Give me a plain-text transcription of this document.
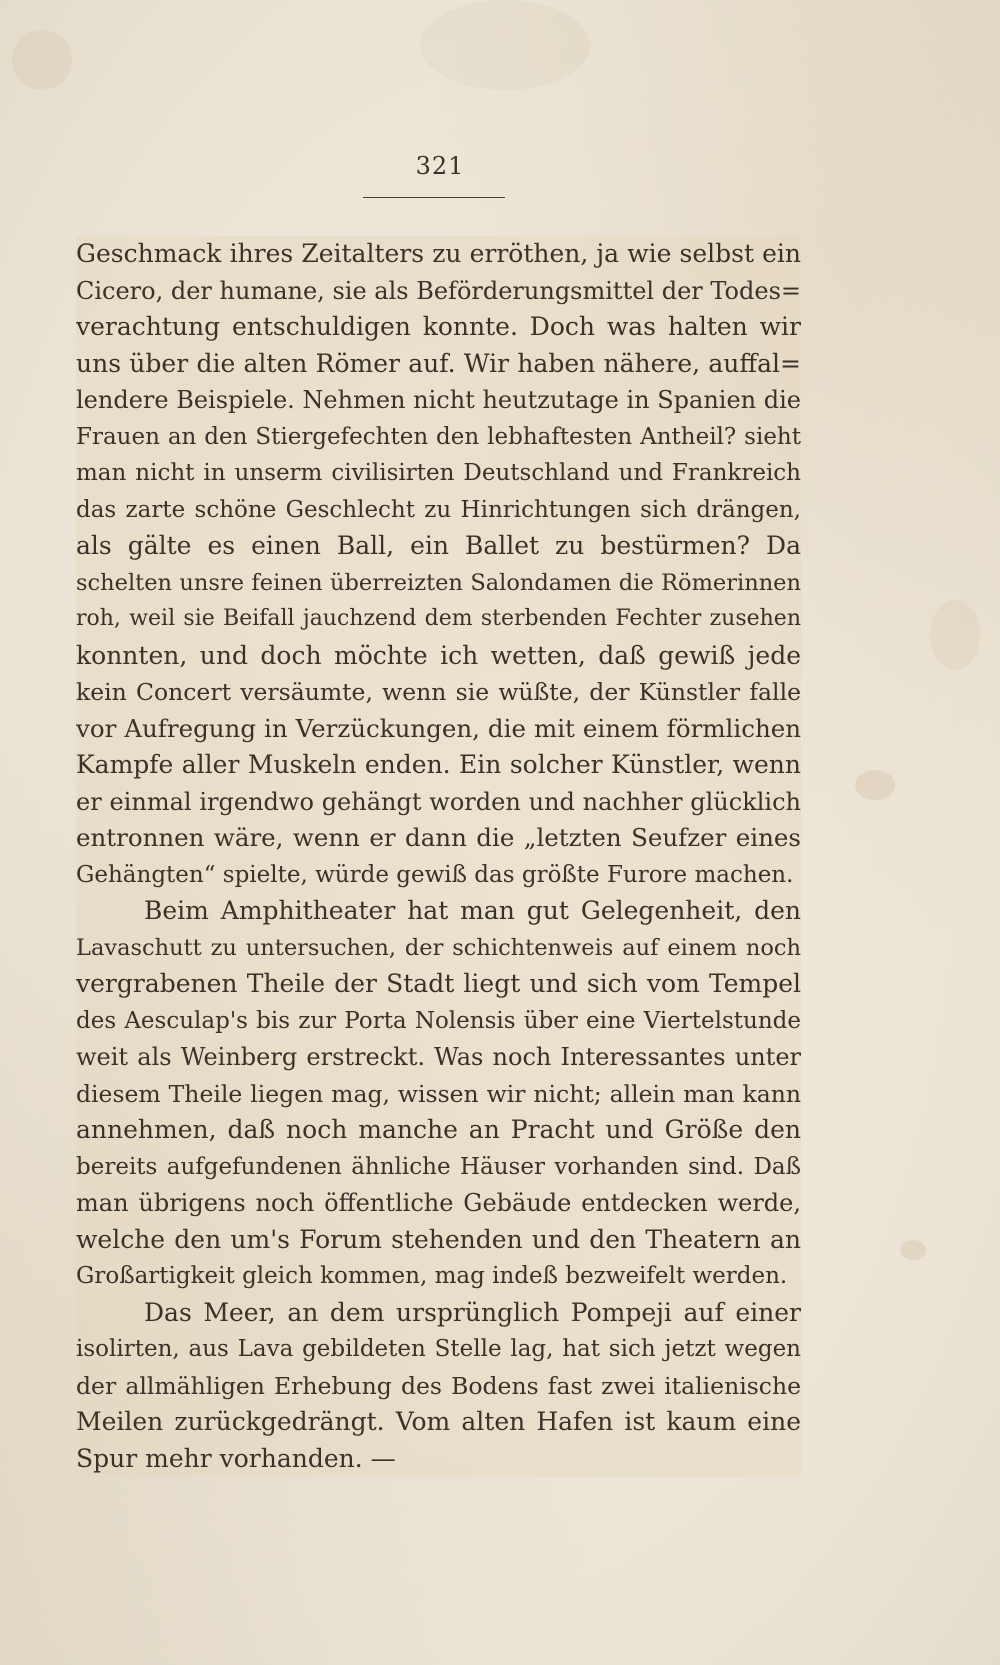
321
Geschmack ihres Zeitalters zu erröthen, ja wie selbst ein
Cicero, der humane, sie als Beförderungsmittel der Todes=
verachtung entschuldigen konnte. Doch was halten wir
uns über die alten Römer auf. Wir haben nähere, auffal=
lendere Beispiele. Nehmen nicht heutzutage in Spanien die
Frauen an den Stiergefechten den lebhaftesten Antheil? sieht
man nicht in unserm civilisirten Deutschland und Frankreich
das zarte schöne Geschlecht zu Hinrichtungen sich drängen,
als gälte es einen Ball, ein Ballet zu bestürmen? Da
schelten unsre feinen überreizten Salondamen die Römerinnen
roh, weil sie Beifall jauchzend dem sterbenden Fechter zusehen
konnten, und doch möchte ich wetten, daß gewiß jede
kein Concert versäumte, wenn sie wüßte, der Künstler falle
vor Aufregung in Verzückungen, die mit einem förmlichen
Kampfe aller Muskeln enden. Ein solcher Künstler, wenn
er einmal irgendwo gehängt worden und nachher glücklich
entronnen wäre, wenn er dann die „letzten Seufzer eines
Gehängten“ spielte, würde gewiß das größte Furore machen.
Beim Amphitheater hat man gut Gelegenheit, den
Lavaschutt zu untersuchen, der schichtenweis auf einem noch
vergrabenen Theile der Stadt liegt und sich vom Tempel
des Aesculap's bis zur Porta Nolensis über eine Viertelstunde
weit als Weinberg erstreckt. Was noch Interessantes unter
diesem Theile liegen mag, wissen wir nicht; allein man kann
annehmen, daß noch manche an Pracht und Größe den
bereits aufgefundenen ähnliche Häuser vorhanden sind. Daß
man übrigens noch öffentliche Gebäude entdecken werde,
welche den um's Forum stehenden und den Theatern an
Großartigkeit gleich kommen, mag indeß bezweifelt werden.
Das Meer, an dem ursprünglich Pompeji auf einer
isolirten, aus Lava gebildeten Stelle lag, hat sich jetzt wegen
der allmähligen Erhebung des Bodens fast zwei italienische
Meilen zurückgedrängt. Vom alten Hafen ist kaum eine
Spur mehr vorhanden. —
